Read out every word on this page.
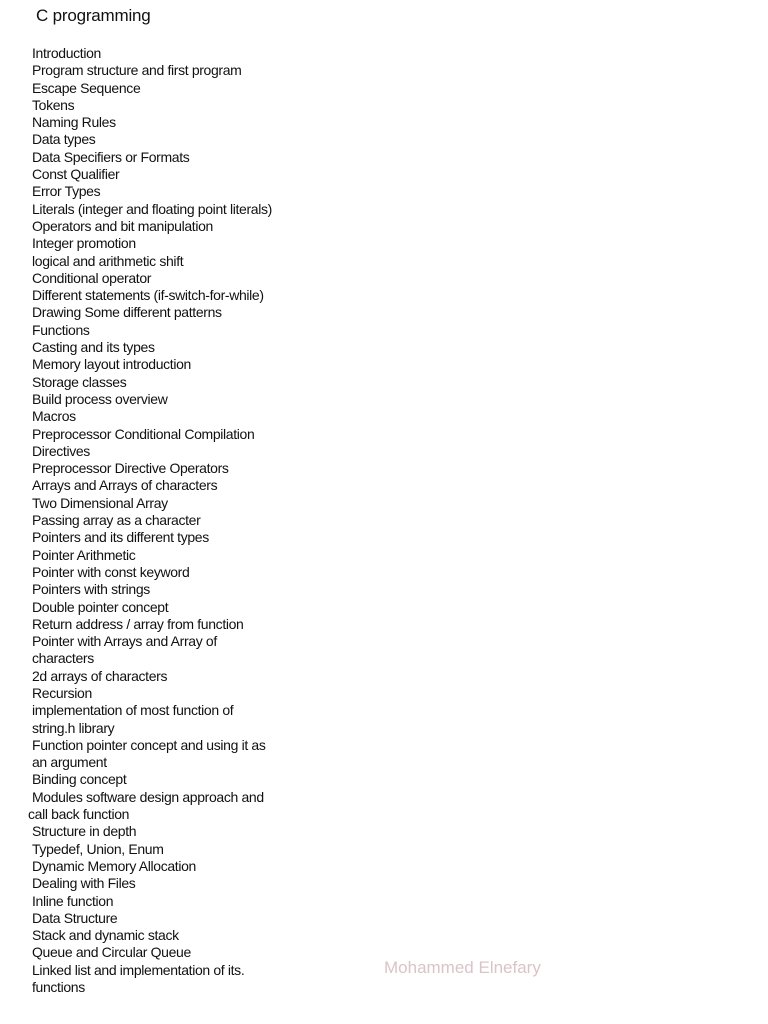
C programming
Introduction
Program structure and first program
Escape Sequence
Tokens
Naming Rules
Data types
Data Specifiers or Formats
Const Qualifier
Error Types
Literals (integer and floating point literals)
Operators and bit manipulation
Integer promotion
logical and arithmetic shift
Conditional operator
Different statements (if-switch-for-while)
Drawing Some different patterns
Functions
Casting and its types
Memory layout introduction
Storage classes
Build process overview
Macros
Preprocessor Conditional Compilation
Directives
Preprocessor Directive Operators
Arrays and Arrays of characters
Two Dimensional Array
Passing array as a character
Pointers and its different types
Pointer Arithmetic
Pointer with const keyword
Pointers with strings
Double pointer concept
Return address / array from function
Pointer with Arrays and Array of
characters
2d arrays of characters
Recursion
implementation of most function of
string.h library
Function pointer concept and using it as
an argument
Binding concept
Modules software design approach and
call back function
Structure in depth
Typedef, Union, Enum
Dynamic Memory Allocation
Dealing with Files
Inline function
Data Structure
Stack and dynamic stack
Queue and Circular Queue
Linked list and implementation of its.
functions
Mohammed Elnefary
